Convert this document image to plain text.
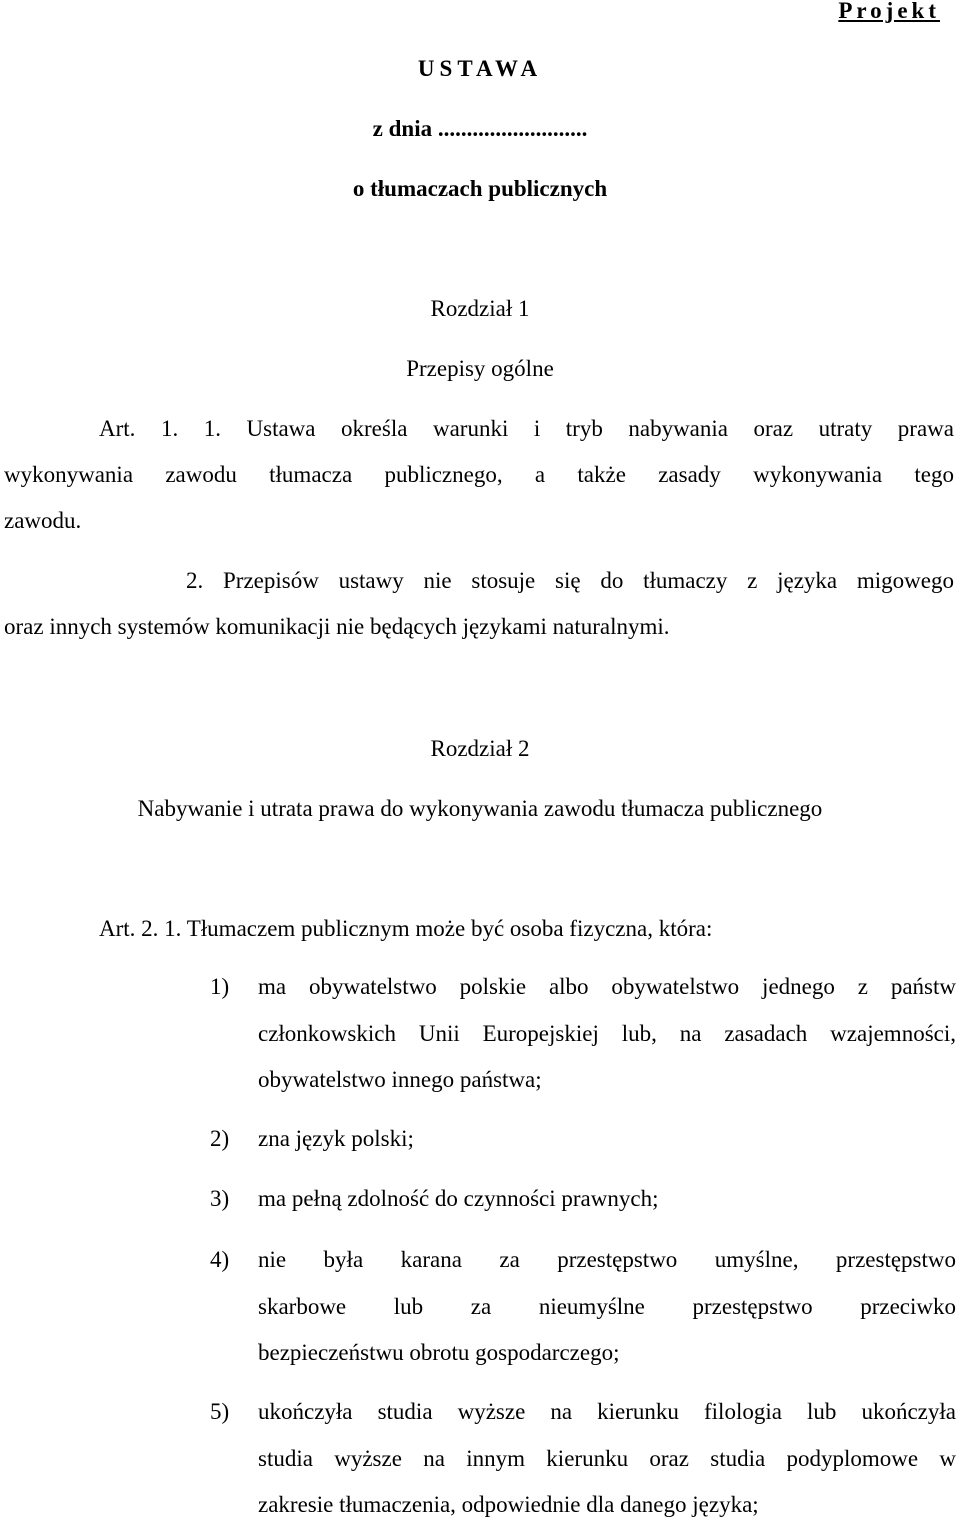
Projekt
USTAWA
z dnia ..........................
o tłumaczach publicznych
Rozdział 1
Przepisy ogólne
Art. 1. 1. Ustawa określa warunki i tryb nabywania oraz utraty prawa
wykonywania zawodu tłumacza publicznego, a także zasady wykonywania tego
zawodu.
2. Przepisów ustawy nie stosuje się do tłumaczy z języka migowego
oraz innych systemów komunikacji nie będących językami naturalnymi.
Rozdział 2
Nabywanie i utrata prawa do wykonywania zawodu tłumacza publicznego
Art. 2. 1. Tłumaczem publicznym może być osoba fizyczna, która:
1) ma obywatelstwo polskie albo obywatelstwo jednego z państw
członkowskich Unii Europejskiej lub, na zasadach wzajemności,
obywatelstwo innego państwa;
2) zna język polski;
3) ma pełną zdolność do czynności prawnych;
4) nie była karana za przestępstwo umyślne, przestępstwo
skarbowe lub za nieumyślne przestępstwo przeciwko
bezpieczeństwu obrotu gospodarczego;
5) ukończyła studia wyższe na kierunku filologia lub ukończyła
studia wyższe na innym kierunku oraz studia podyplomowe w
zakresie tłumaczenia, odpowiednie dla danego języka;
